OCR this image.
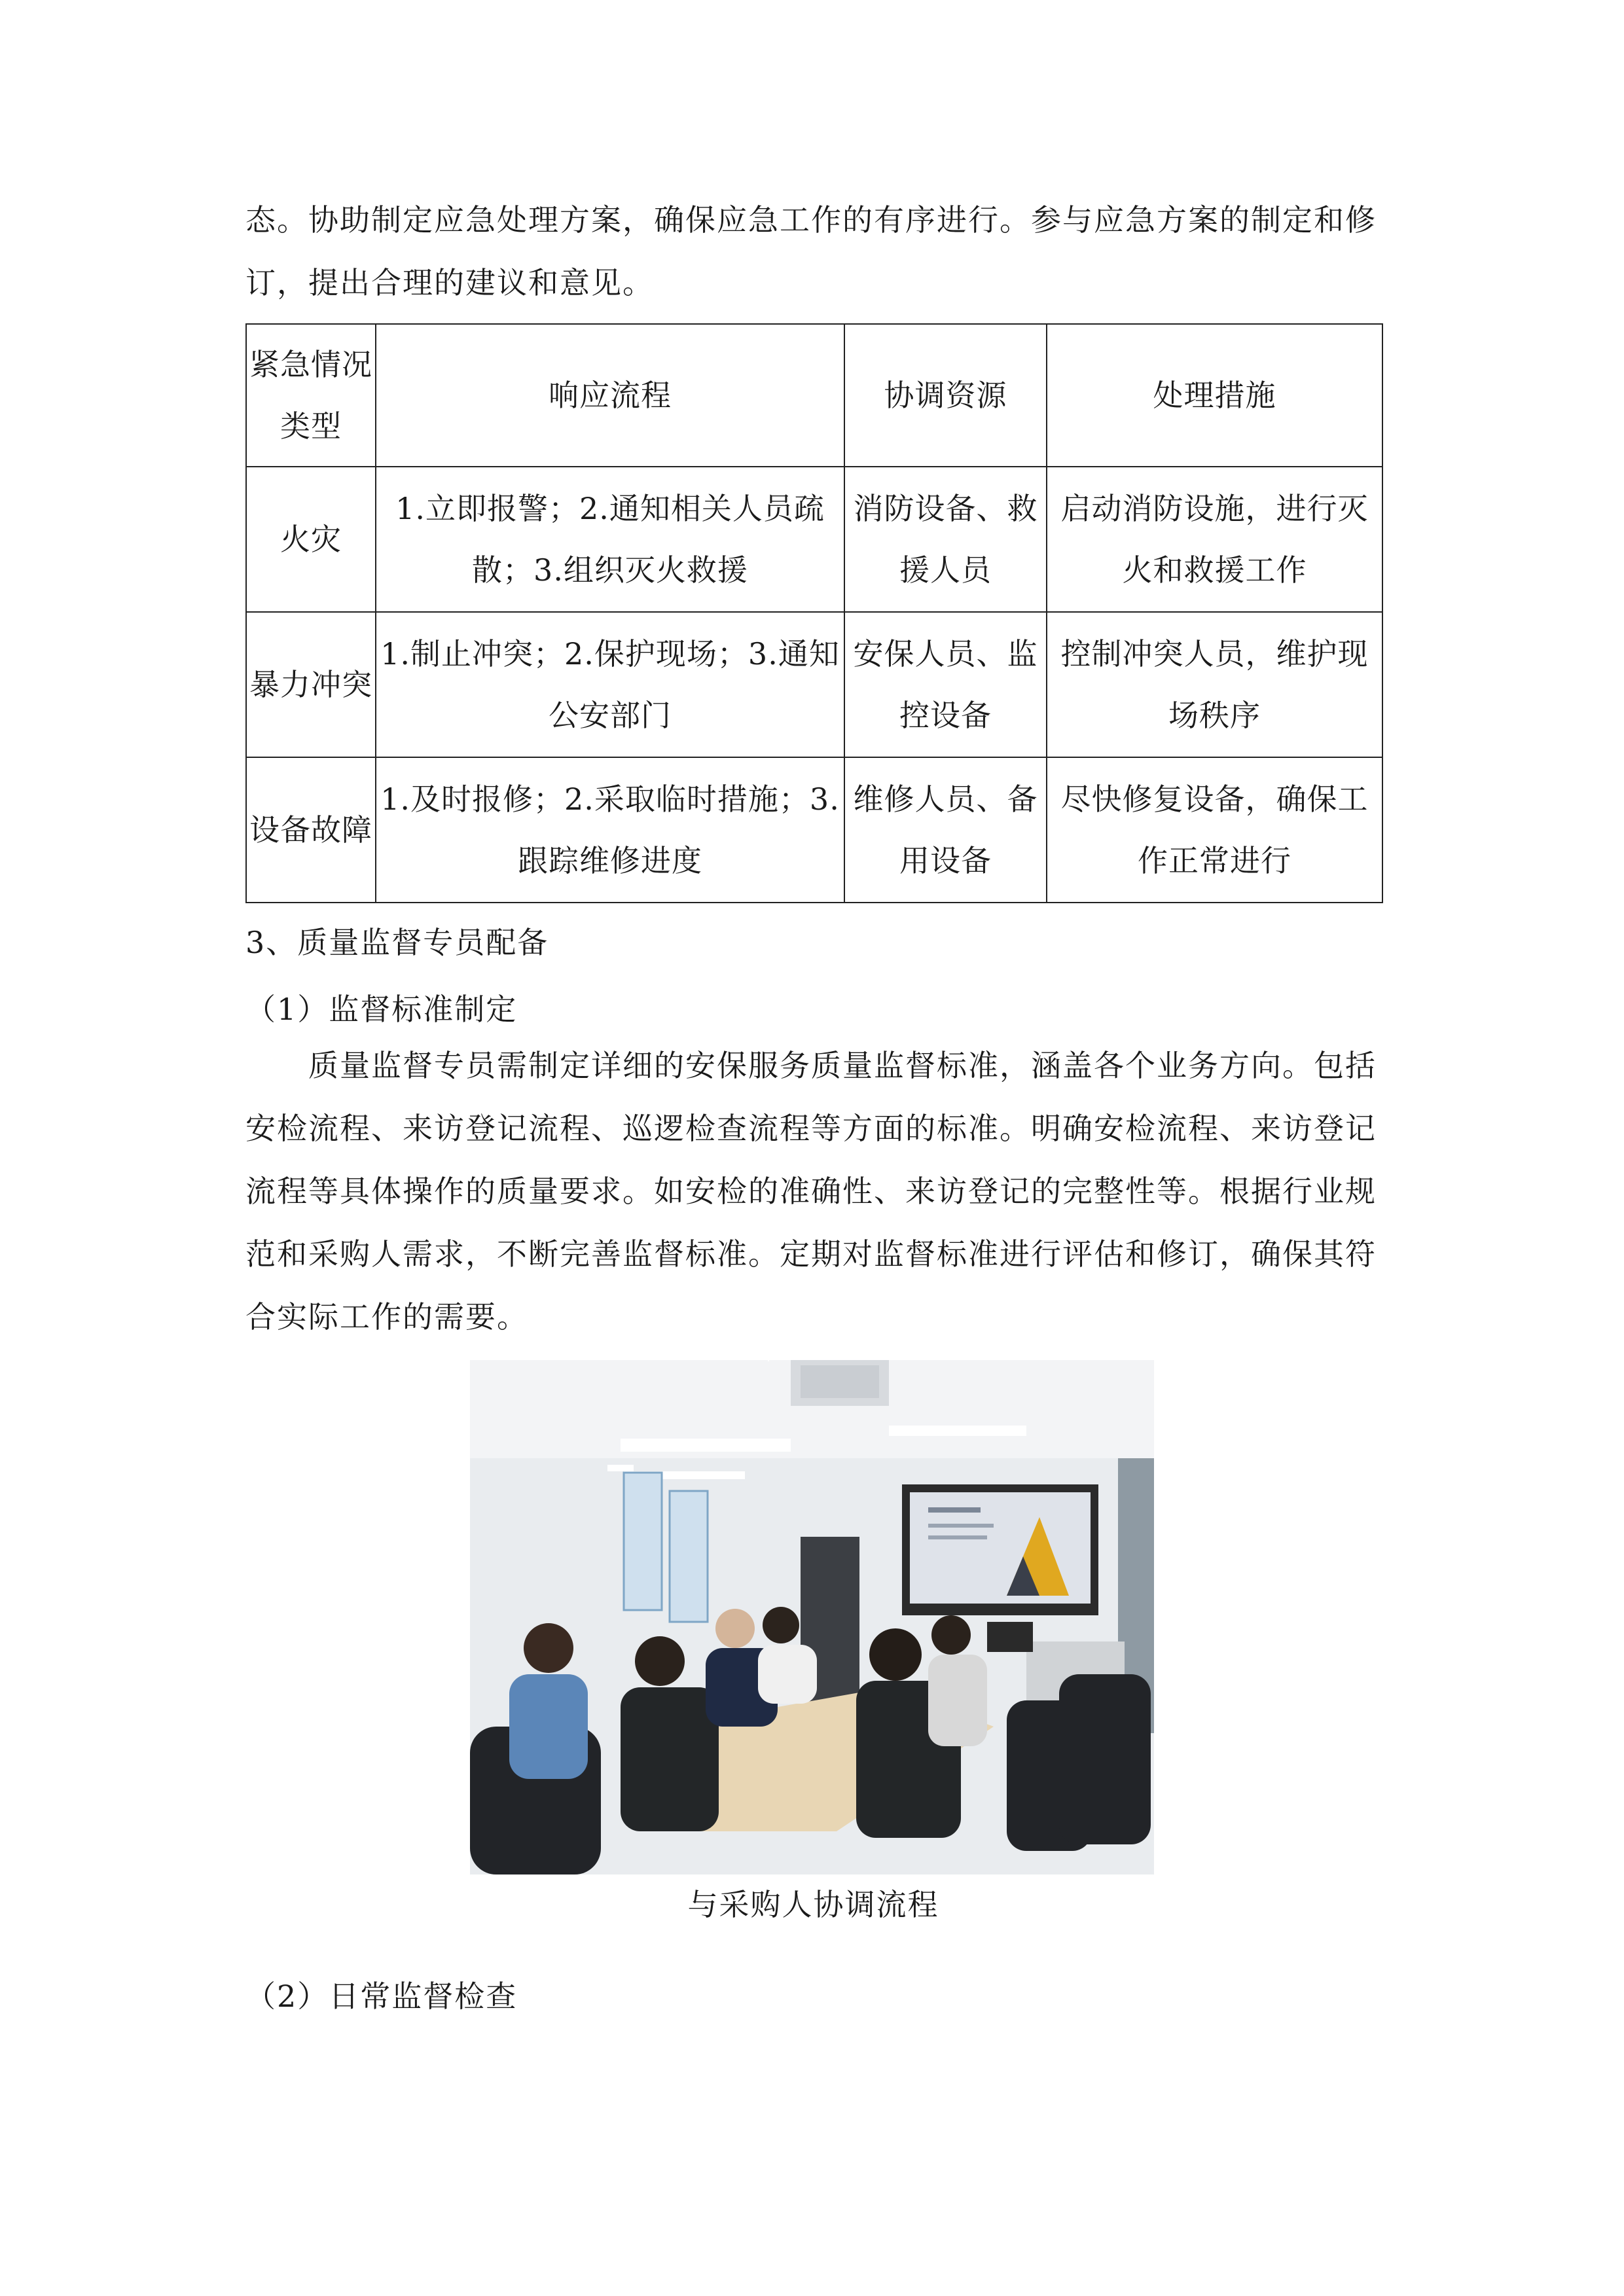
态。协助制定应急处理方案，确保应急工作的有序进行。参与应急方案的制定和修订，提出合理的建议和意见。
紧急情况类型	响应流程	协调资源	处理措施
火灾	1.立即报警；2.通知相关人员疏散；3.组织灭火救援	消防设备、救援人员	启动消防设施，进行灭火和救援工作
暴力冲突	1.制止冲突；2.保护现场；3.通知公安部门	安保人员、监控设备	控制冲突人员，维护现场秩序
设备故障	1.及时报修；2.采取临时措施；3.跟踪维修进度	维修人员、备用设备	尽快修复设备，确保工作正常进行
3、质量监督专员配备
（1）监督标准制定
质量监督专员需制定详细的安保服务质量监督标准，涵盖各个业务方向。包括安检流程、来访登记流程、巡逻检查流程等方面的标准。明确安检流程、来访登记流程等具体操作的质量要求。如安检的准确性、来访登记的完整性等。根据行业规范和采购人需求，不断完善监督标准。定期对监督标准进行评估和修订，确保其符合实际工作的需要。
与采购人协调流程
（2）日常监督检查
